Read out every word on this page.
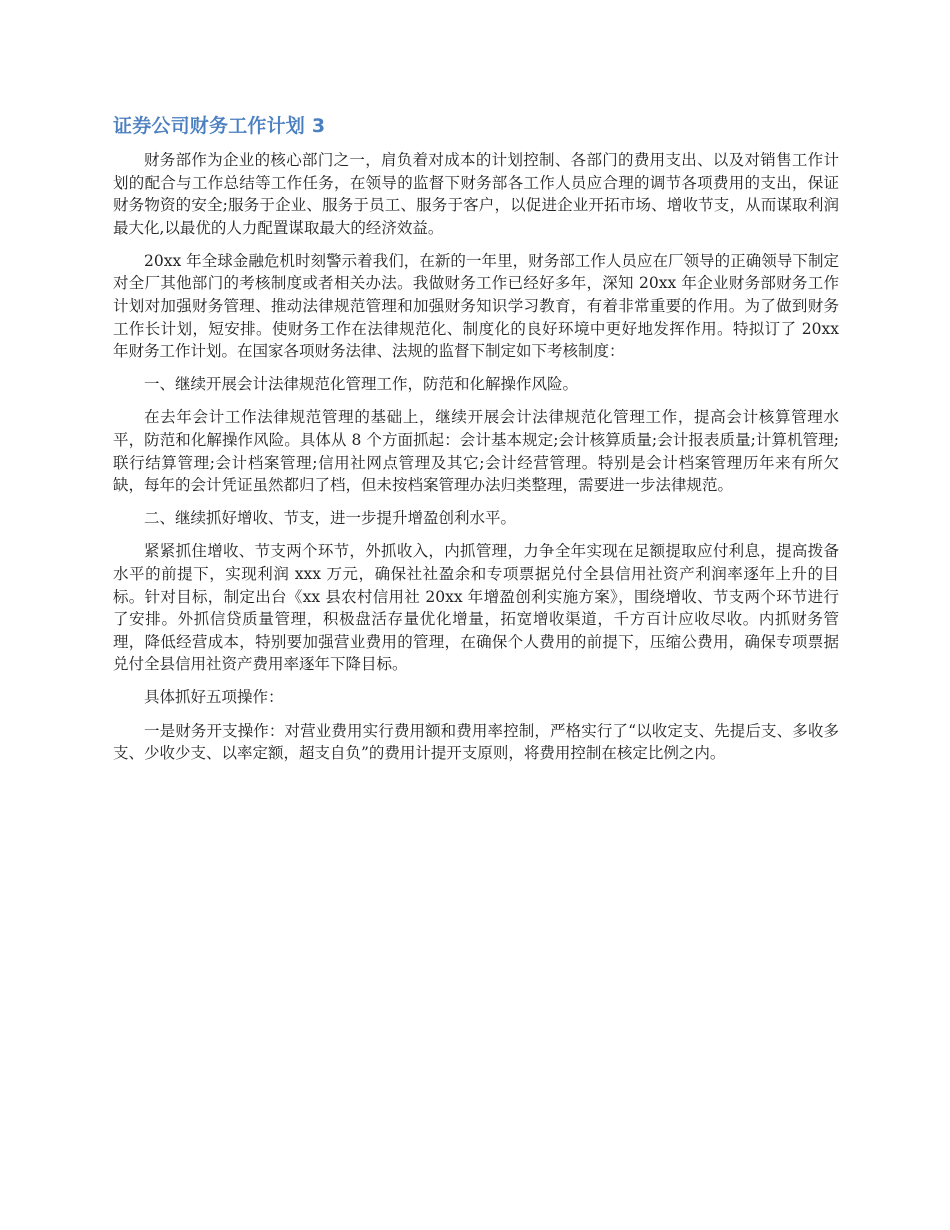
证券公司财务工作计划 3

财务部作为企业的核心部门之一，肩负着对成本的计划控制、各部门的费用支出、以及对销售工作计划的配合与工作总结等工作任务，在领导的监督下财务部各工作人员应合理的调节各项费用的支出，保证财务物资的安全;服务于企业、服务于员工、服务于客户，以促进企业开拓市场、增收节支，从而谋取利润最大化,以最优的人力配置谋取最大的经济效益。

20xx 年全球金融危机时刻警示着我们，在新的一年里，财务部工作人员应在厂领导的正确领导下制定对全厂其他部门的考核制度或者相关办法。我做财务工作已经好多年，深知 20xx 年企业财务部财务工作计划对加强财务管理、推动法律规范管理和加强财务知识学习教育，有着非常重要的作用。为了做到财务工作长计划，短安排。使财务工作在法律规范化、制度化的良好环境中更好地发挥作用。特拟订了 20xx 年财务工作计划。在国家各项财务法律、法规的监督下制定如下考核制度：

一、继续开展会计法律规范化管理工作，防范和化解操作风险。

在去年会计工作法律规范管理的基础上，继续开展会计法律规范化管理工作，提高会计核算管理水平，防范和化解操作风险。具体从 8 个方面抓起：会计基本规定;会计核算质量;会计报表质量;计算机管理;联行结算管理;会计档案管理;信用社网点管理及其它;会计经营管理。特别是会计档案管理历年来有所欠缺，每年的会计凭证虽然都归了档，但未按档案管理办法归类整理，需要进一步法律规范。

二、继续抓好增收、节支，进一步提升增盈创利水平。

紧紧抓住增收、节支两个环节，外抓收入，内抓管理，力争全年实现在足额提取应付利息，提高拨备水平的前提下，实现利润 xxx 万元，确保社社盈余和专项票据兑付全县信用社资产利润率逐年上升的目标。针对目标，制定出台《xx 县农村信用社 20xx 年增盈创利实施方案》，围绕增收、节支两个环节进行了安排。外抓信贷质量管理，积极盘活存量优化增量，拓宽增收渠道，千方百计应收尽收。内抓财务管理，降低经营成本，特别要加强营业费用的管理，在确保个人费用的前提下，压缩公费用，确保专项票据兑付全县信用社资产费用率逐年下降目标。

具体抓好五项操作：

一是财务开支操作：对营业费用实行费用额和费用率控制，严格实行了“以收定支、先提后支、多收多支、少收少支、以率定额，超支自负”的费用计提开支原则，将费用控制在核定比例之内。
